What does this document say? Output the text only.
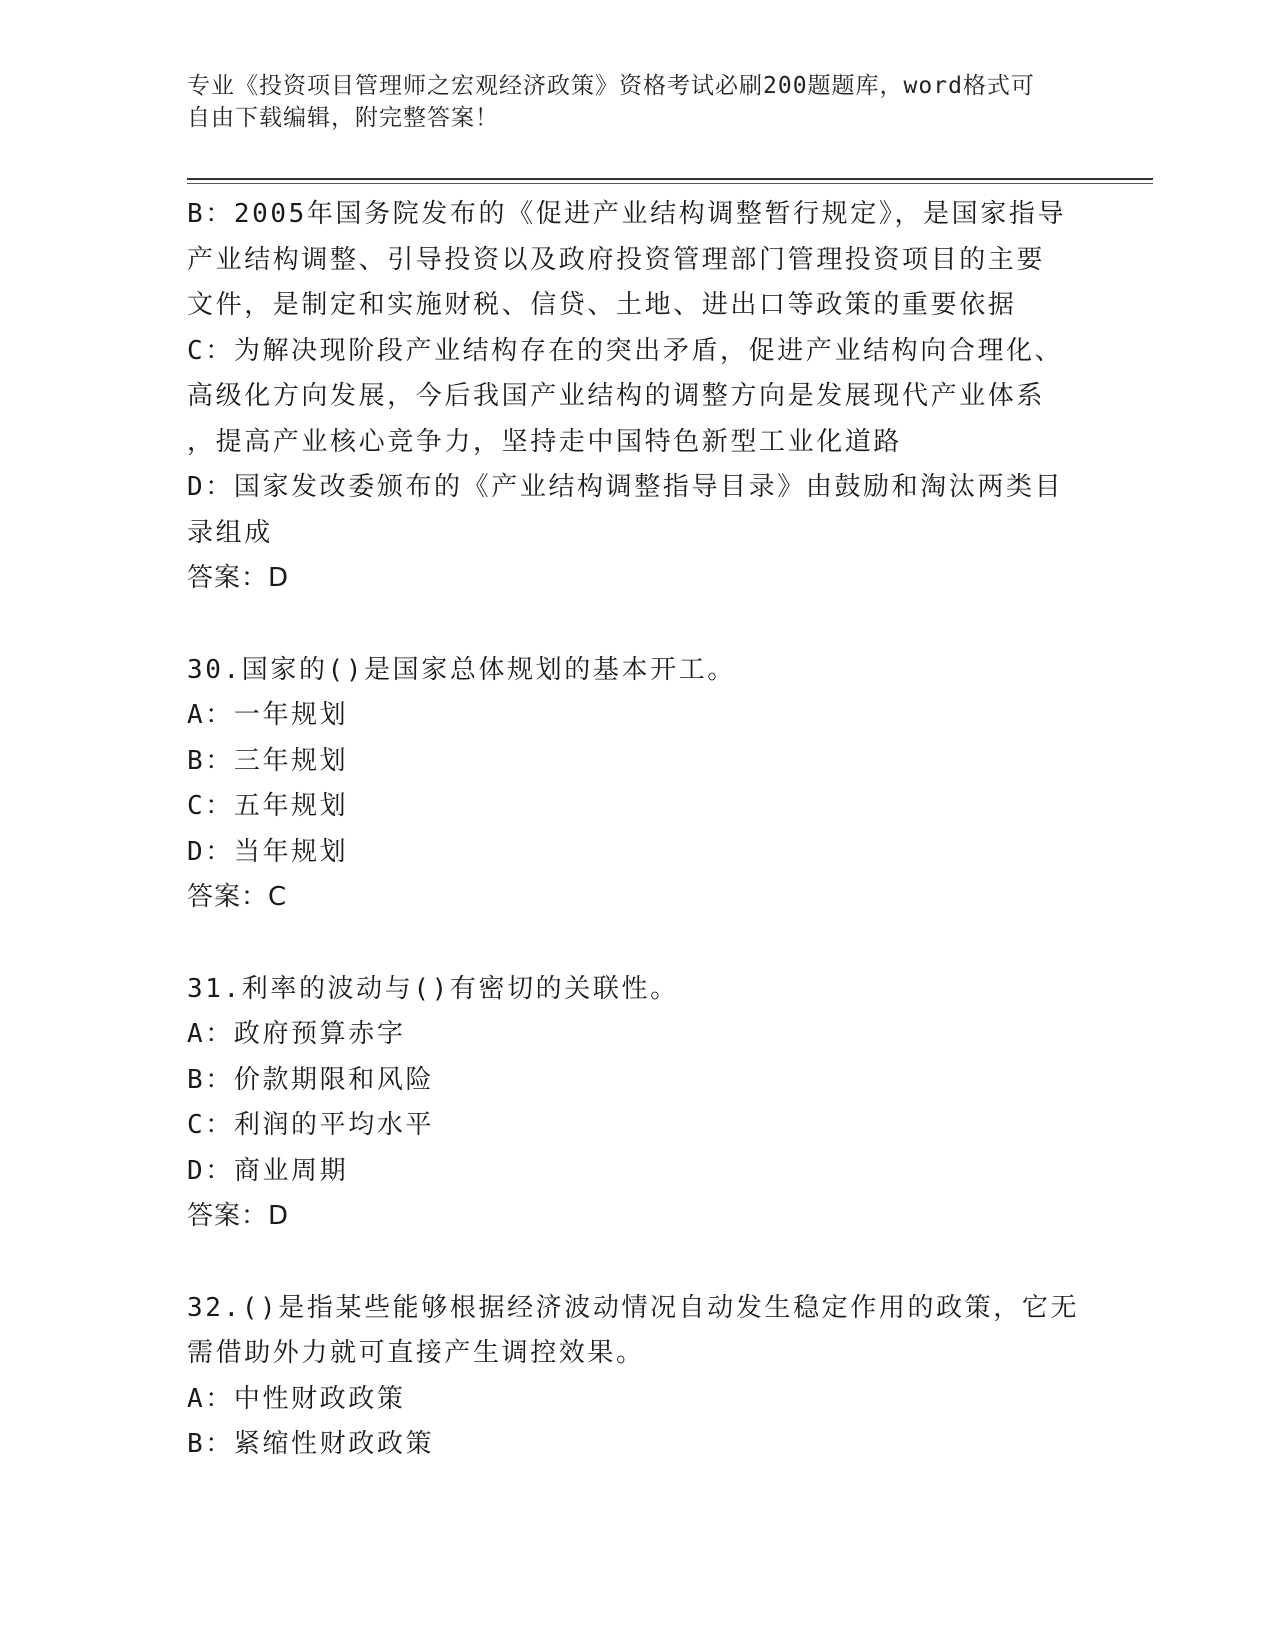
专业《投资项目管理师之宏观经济政策》资格考试必刷200题题库，word格式可
自由下载编辑，附完整答案！
B：2005年国务院发布的《促进产业结构调整暂行规定》，是国家指导
产业结构调整、引导投资以及政府投资管理部门管理投资项目的主要
文件，是制定和实施财税、信贷、土地、进出口等政策的重要依据
C：为解决现阶段产业结构存在的突出矛盾，促进产业结构向合理化、
高级化方向发展，今后我国产业结构的调整方向是发展现代产业体系
，提高产业核心竞争力，坚持走中国特色新型工业化道路
D：国家发改委颁布的《产业结构调整指导目录》由鼓励和淘汰两类目
录组成
答案：D
30.国家的()是国家总体规划的基本开工。
A：一年规划
B：三年规划
C：五年规划
D：当年规划
答案：C
31.利率的波动与()有密切的关联性。
A：政府预算赤字
B：价款期限和风险
C：利润的平均水平
D：商业周期
答案：D
32.()是指某些能够根据经济波动情况自动发生稳定作用的政策，它无
需借助外力就可直接产生调控效果。
A：中性财政政策
B：紧缩性财政政策
